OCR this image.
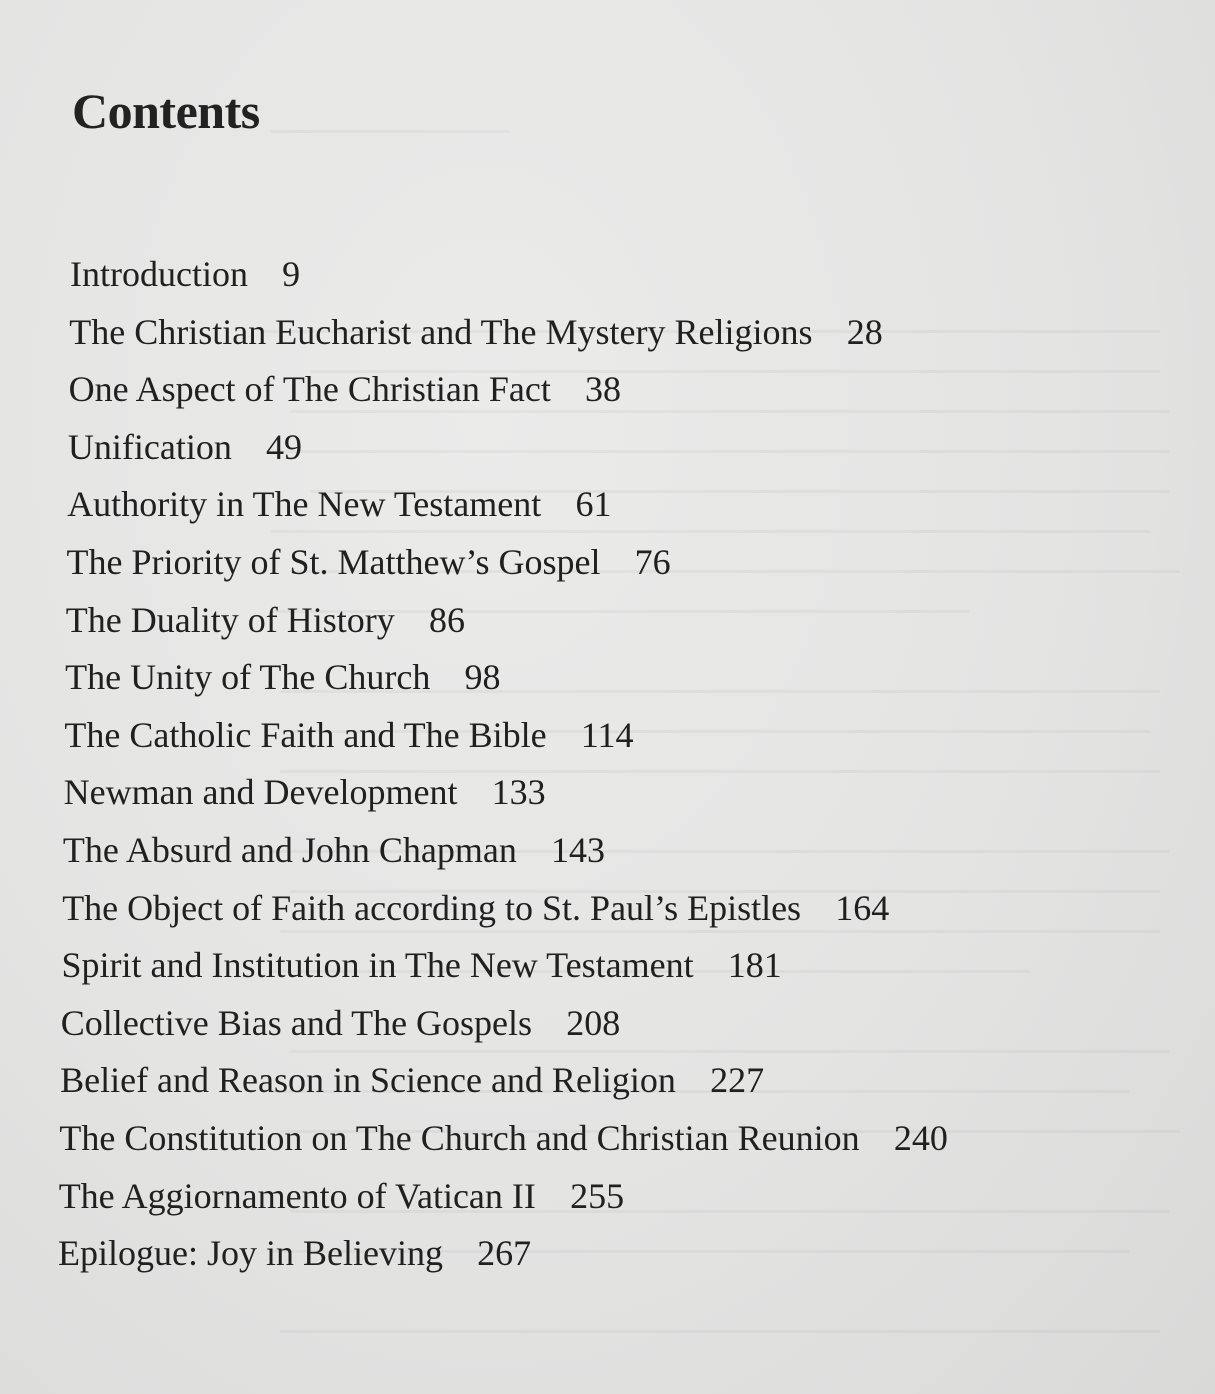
Contents
Introduction 9
The Christian Eucharist and The Mystery Religions 28
One Aspect of The Christian Fact 38
Unification 49
Authority in The New Testament 61
The Priority of St. Matthew’s Gospel 76
The Duality of History 86
The Unity of The Church 98
The Catholic Faith and The Bible 114
Newman and Development 133
The Absurd and John Chapman 143
The Object of Faith according to St. Paul’s Epistles 164
Spirit and Institution in The New Testament 181
Collective Bias and The Gospels 208
Belief and Reason in Science and Religion 227
The Constitution on The Church and Christian Reunion 240
The Aggiornamento of Vatican II 255
Epilogue: Joy in Believing 267
